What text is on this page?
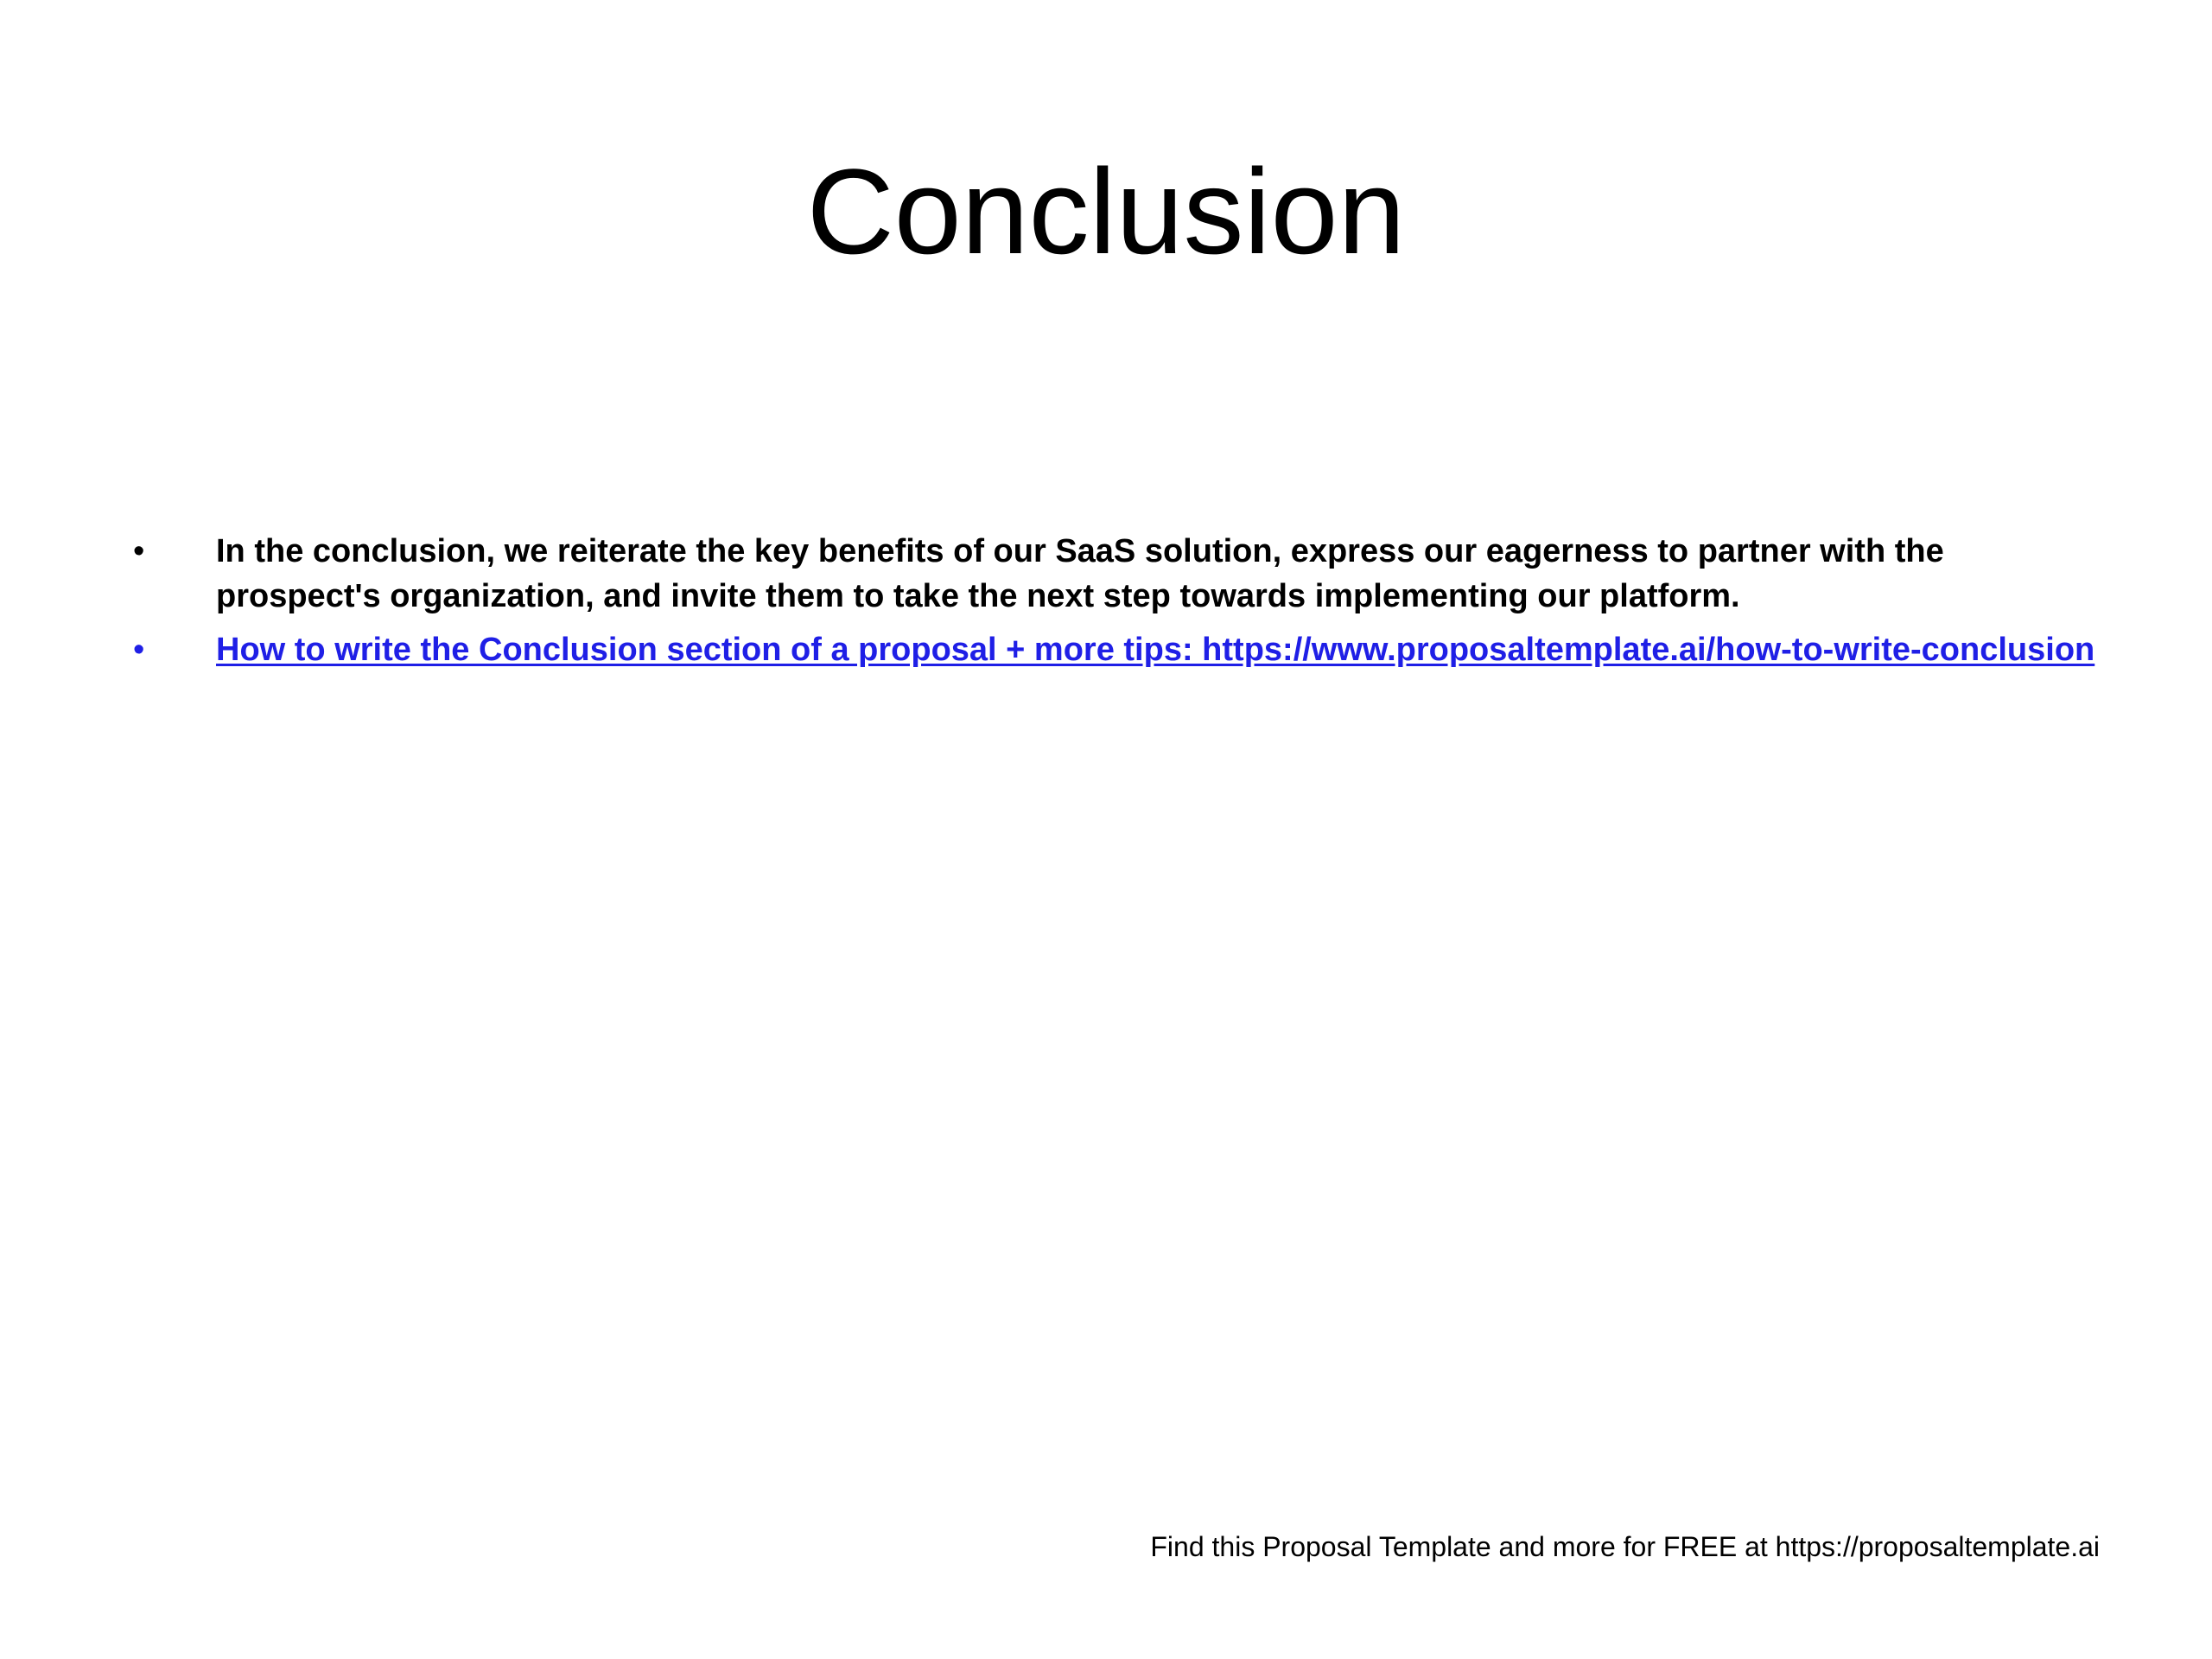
Conclusion
•	In the conclusion, we reiterate the key benefits of our SaaS solution, express our eagerness to partner with the prospect's organization, and invite them to take the next step towards implementing our platform.
•	How to write the Conclusion section of a proposal + more tips: https://www.proposaltemplate.ai/how-to-write-conclusion
Find this Proposal Template and more for FREE at https://proposaltemplate.ai
